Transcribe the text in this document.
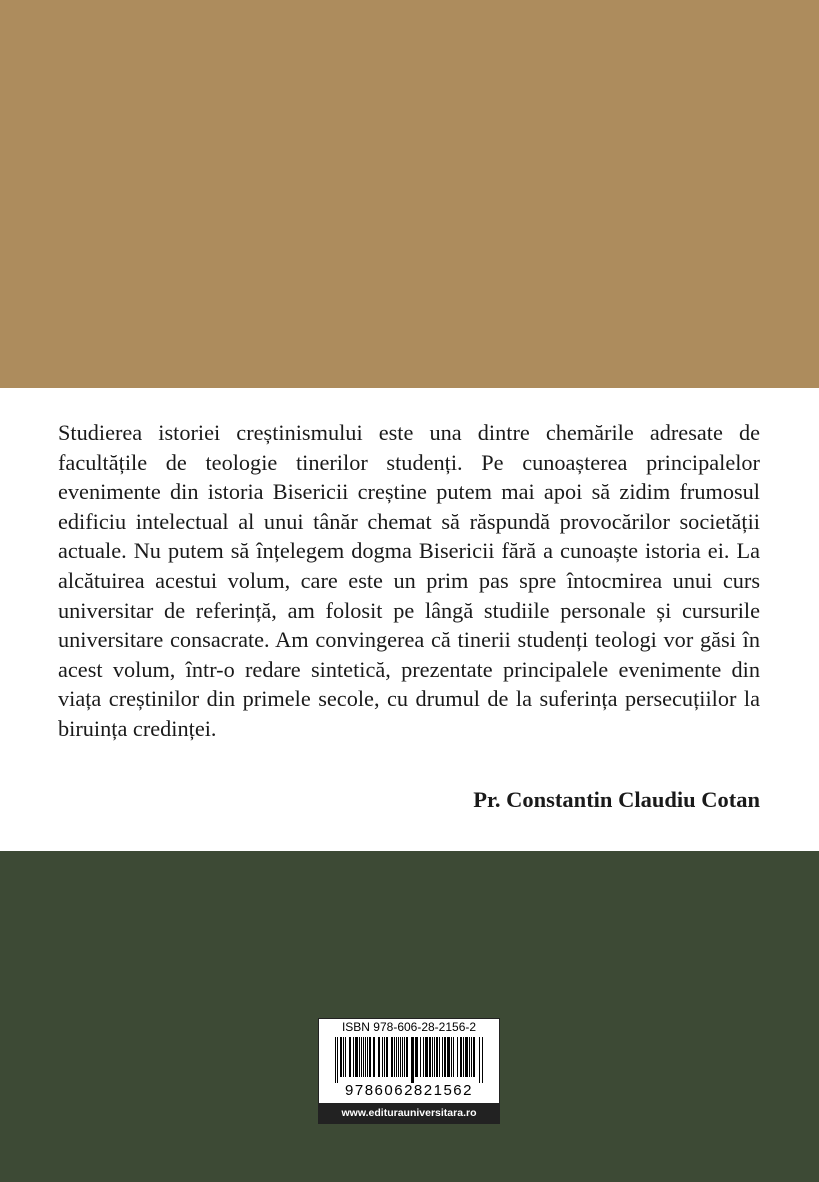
Studierea istoriei creștinismului este una dintre chemările adresate de facultățile de teologie tinerilor studenți. Pe cunoașterea principalelor evenimente din istoria Bisericii creștine putem mai apoi să zidim frumosul edificiu intelectual al unui tânăr chemat să răspundă provocărilor societății actuale. Nu putem să înțelegem dogma Bisericii fără a cunoaște istoria ei. La alcătuirea acestui volum, care este un prim pas spre întocmirea unui curs universitar de referință, am folosit pe lângă studiile personale și cursurile universitare consacrate. Am convingerea că tinerii studenți teologi vor găsi în acest volum, într-o redare sintetică, prezentate principalele evenimente din viața creștinilor din primele secole, cu drumul de la suferința persecuțiilor la biruința credinței.

Pr. Constantin Claudiu Cotan
ISBN 978-606-28-2156-2
9786062821562
www.editurauniversitara.ro
